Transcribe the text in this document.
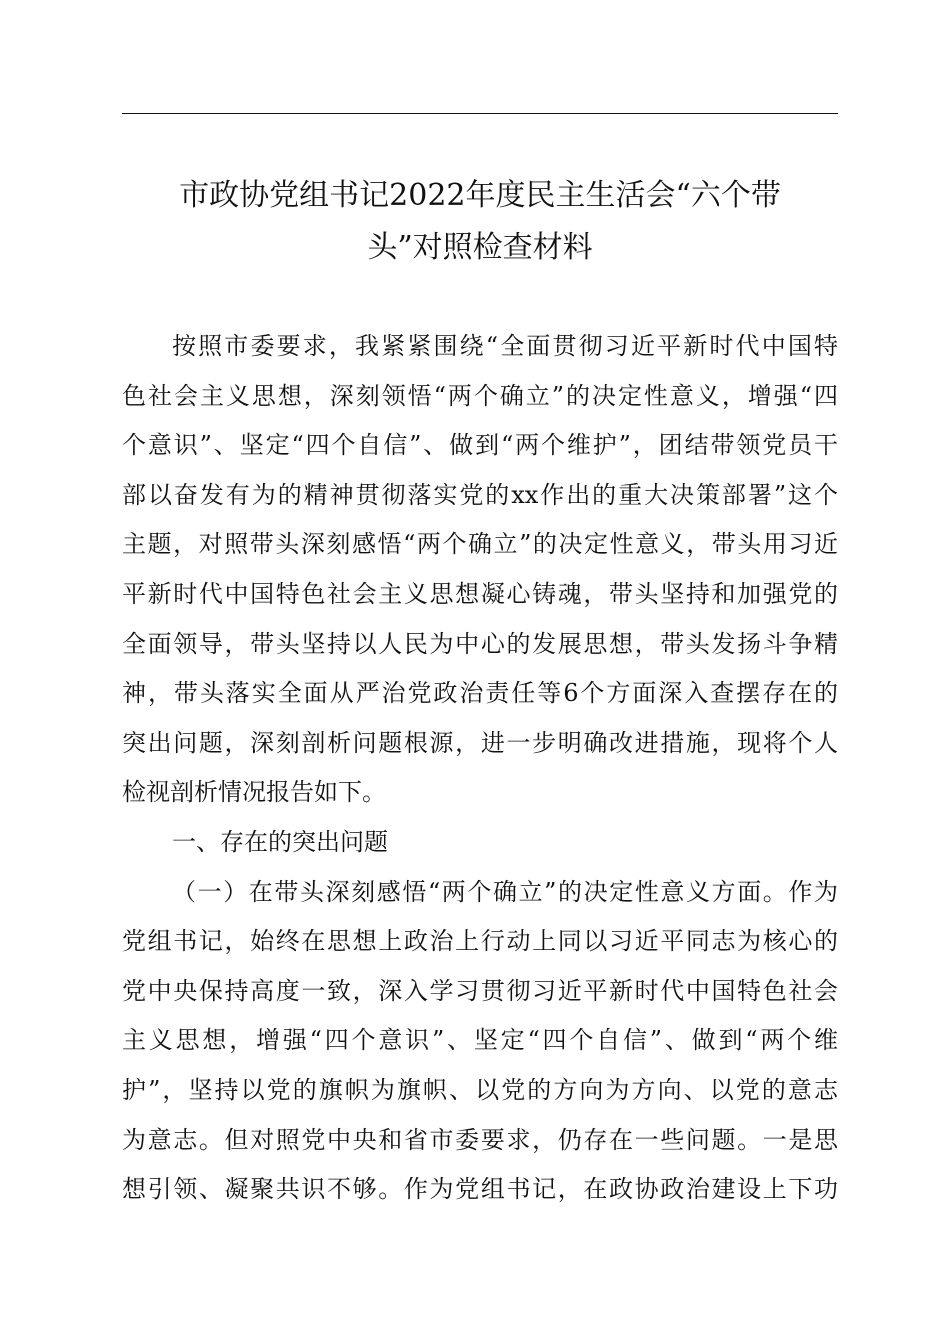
市政协党组书记2022年度民主生活会“六个带
头”对照检查材料
按照市委要求，我紧紧围绕“全面贯彻习近平新时代中国特
色社会主义思想，深刻领悟“两个确立”的决定性意义，增强“四
个意识”、坚定“四个自信”、做到“两个维护”，团结带领党员干
部以奋发有为的精神贯彻落实党的xx作出的重大决策部署”这个
主题，对照带头深刻感悟“两个确立”的决定性意义，带头用习近
平新时代中国特色社会主义思想凝心铸魂，带头坚持和加强党的
全面领导，带头坚持以人民为中心的发展思想，带头发扬斗争精
神，带头落实全面从严治党政治责任等6个方面深入查摆存在的
突出问题，深刻剖析问题根源，进一步明确改进措施，现将个人
检视剖析情况报告如下。
一、存在的突出问题
（一）在带头深刻感悟“两个确立”的决定性意义方面。作为
党组书记，始终在思想上政治上行动上同以习近平同志为核心的
党中央保持高度一致，深入学习贯彻习近平新时代中国特色社会
主义思想，增强“四个意识”、坚定“四个自信”、做到“两个维
护”，坚持以党的旗帜为旗帜、以党的方向为方向、以党的意志
为意志。但对照党中央和省市委要求，仍存在一些问题。一是思
想引领、凝聚共识不够。作为党组书记，在政协政治建设上下功
